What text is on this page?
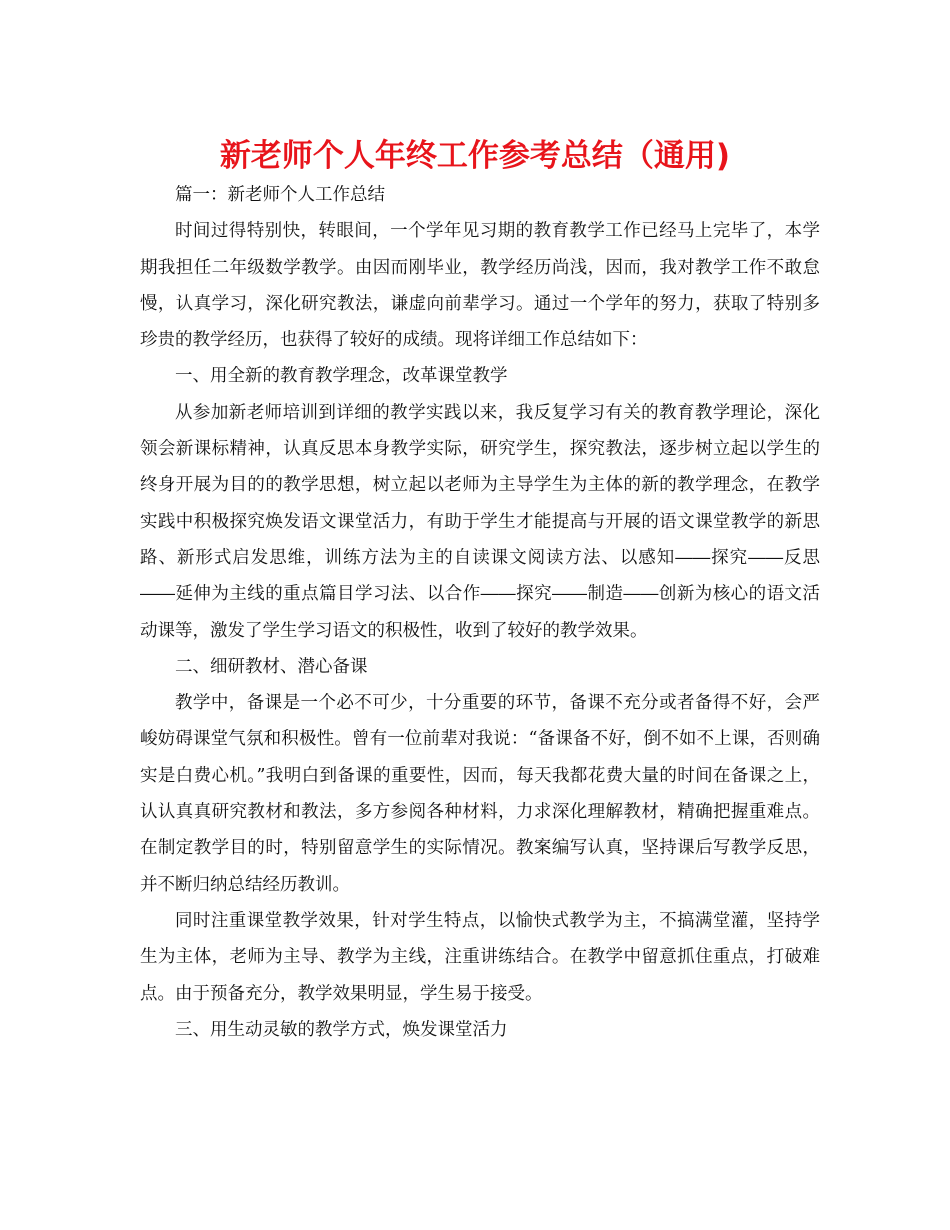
新老师个人年终工作参考总结（通用)

篇一：新老师个人工作总结

时间过得特别快，转眼间，一个学年见习期的教育教学工作已经马上完毕了，本学期我担任二年级数学教学。由因而刚毕业，教学经历尚浅，因而，我对教学工作不敢怠慢，认真学习，深化研究教法，谦虚向前辈学习。通过一个学年的努力，获取了特别多珍贵的教学经历，也获得了较好的成绩。现将详细工作总结如下：

一、用全新的教育教学理念，改革课堂教学

从参加新老师培训到详细的教学实践以来，我反复学习有关的教育教学理论，深化领会新课标精神，认真反思本身教学实际，研究学生，探究教法，逐步树立起以学生的终身开展为目的的教学思想，树立起以老师为主导学生为主体的新的教学理念，在教学实践中积极探究焕发语文课堂活力，有助于学生才能提高与开展的语文课堂教学的新思路、新形式启发思维，训练方法为主的自读课文阅读方法、以感知――探究――反思――延伸为主线的重点篇目学习法、以合作――探究――制造――创新为核心的语文活动课等，激发了学生学习语文的积极性，收到了较好的教学效果。

二、细研教材、潜心备课

教学中，备课是一个必不可少，十分重要的环节，备课不充分或者备得不好，会严峻妨碍课堂气氛和积极性。曾有一位前辈对我说：“备课备不好，倒不如不上课，否则确实是白费心机。”我明白到备课的重要性，因而，每天我都花费大量的时间在备课之上，认认真真研究教材和教法，多方参阅各种材料，力求深化理解教材，精确把握重难点。在制定教学目的时，特别留意学生的实际情况。教案编写认真，坚持课后写教学反思，并不断归纳总结经历教训。

同时注重课堂教学效果，针对学生特点，以愉快式教学为主，不搞满堂灌，坚持学生为主体，老师为主导、教学为主线，注重讲练结合。在教学中留意抓住重点，打破难点。由于预备充分，教学效果明显，学生易于接受。

三、用生动灵敏的教学方式，焕发课堂活力
